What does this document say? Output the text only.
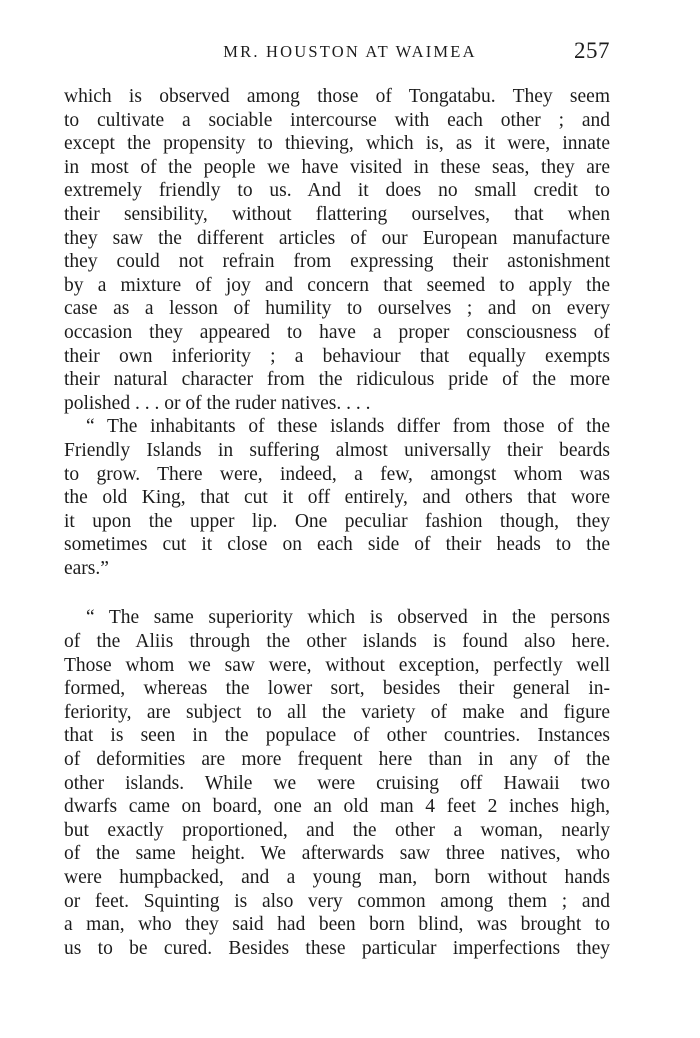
MR. HOUSTON AT WAIMEA	257
which is observed among those of Tongatabu. They seem
to cultivate a sociable intercourse with each other ; and
except the propensity to thieving, which is, as it were, innate
in most of the people we have visited in these seas, they are
extremely friendly to us. And it does no small credit to
their sensibility, without flattering ourselves, that when
they saw the different articles of our European manufacture
they could not refrain from expressing their astonishment
by a mixture of joy and concern that seemed to apply the
case as a lesson of humility to ourselves ; and on every
occasion they appeared to have a proper consciousness of
their own inferiority ; a behaviour that equally exempts
their natural character from the ridiculous pride of the more
polished . . . or of the ruder natives. . . .
“ The inhabitants of these islands differ from those of the
Friendly Islands in suffering almost universally their beards
to grow. There were, indeed, a few, amongst whom was
the old King, that cut it off entirely, and others that wore
it upon the upper lip. One peculiar fashion though, they
sometimes cut it close on each side of their heads to the
ears.”
“ The same superiority which is observed in the persons
of the Aliis through the other islands is found also here.
Those whom we saw were, without exception, perfectly well
formed, whereas the lower sort, besides their general in-
feriority, are subject to all the variety of make and figure
that is seen in the populace of other countries. Instances
of deformities are more frequent here than in any of the
other islands. While we were cruising off Hawaii two
dwarfs came on board, one an old man 4 feet 2 inches high,
but exactly proportioned, and the other a woman, nearly
of the same height. We afterwards saw three natives, who
were humpbacked, and a young man, born without hands
or feet. Squinting is also very common among them ; and
a man, who they said had been born blind, was brought to
us to be cured. Besides these particular imperfections they
